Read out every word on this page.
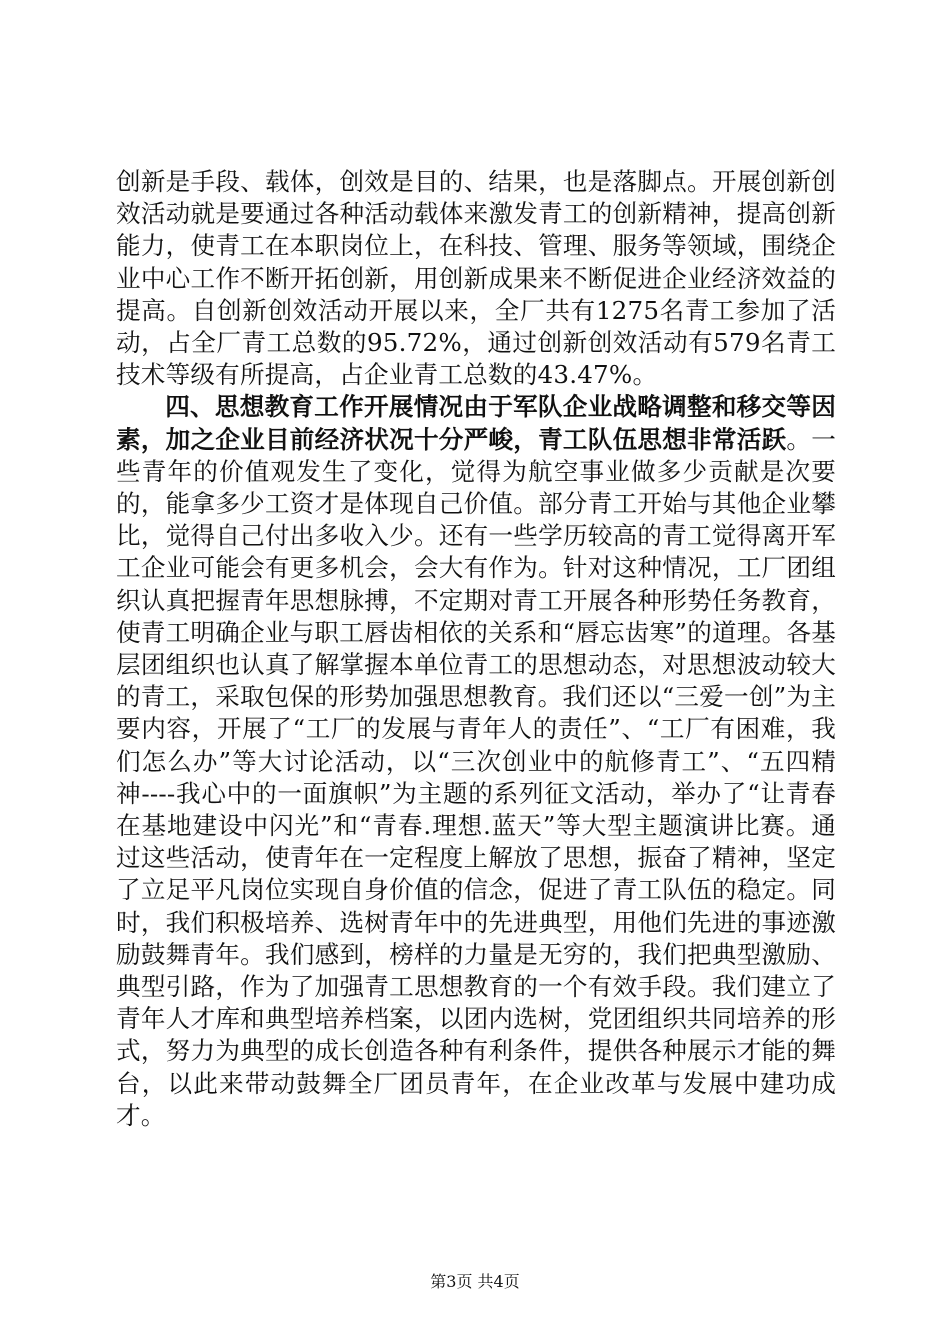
创新是手段、载体，创效是目的、结果，也是落脚点。开展创新创效活动就是要通过各种活动载体来激发青工的创新精神，提高创新能力，使青工在本职岗位上，在科技、管理、服务等领域，围绕企业中心工作不断开拓创新，用创新成果来不断促进企业经济效益的提高。自创新创效活动开展以来，全厂共有1275名青工参加了活动，占全厂青工总数的95.72%，通过创新创效活动有579名青工技术等级有所提高，占企业青工总数的43.47%。

四、思想教育工作开展情况由于军队企业战略调整和移交等因素，加之企业目前经济状况十分严峻，青工队伍思想非常活跃。一些青年的价值观发生了变化，觉得为航空事业做多少贡献是次要的，能拿多少工资才是体现自己价值。部分青工开始与其他企业攀比，觉得自己付出多收入少。还有一些学历较高的青工觉得离开军工企业可能会有更多机会，会大有作为。针对这种情况，工厂团组织认真把握青年思想脉搏，不定期对青工开展各种形势任务教育，使青工明确企业与职工唇齿相依的关系和“唇忘齿寒”的道理。各基层团组织也认真了解掌握本单位青工的思想动态，对思想波动较大的青工，采取包保的形势加强思想教育。我们还以“三爱一创”为主要内容，开展了“工厂的发展与青年人的责任”、“工厂有困难，我们怎么办”等大讨论活动，以“三次创业中的航修青工”、“五四精神----我心中的一面旗帜”为主题的系列征文活动，举办了“让青春在基地建设中闪光”和“青春.理想.蓝天”等大型主题演讲比赛。通过这些活动，使青年在一定程度上解放了思想，振奋了精神，坚定了立足平凡岗位实现自身价值的信念，促进了青工队伍的稳定。同时，我们积极培养、选树青年中的先进典型，用他们先进的事迹激励鼓舞青年。我们感到，榜样的力量是无穷的，我们把典型激励、典型引路，作为了加强青工思想教育的一个有效手段。我们建立了青年人才库和典型培养档案，以团内选树，党团组织共同培养的形式，努力为典型的成长创造各种有利条件，提供各种展示才能的舞台，以此来带动鼓舞全厂团员青年，在企业改革与发展中建功成才。

第3页 共4页
